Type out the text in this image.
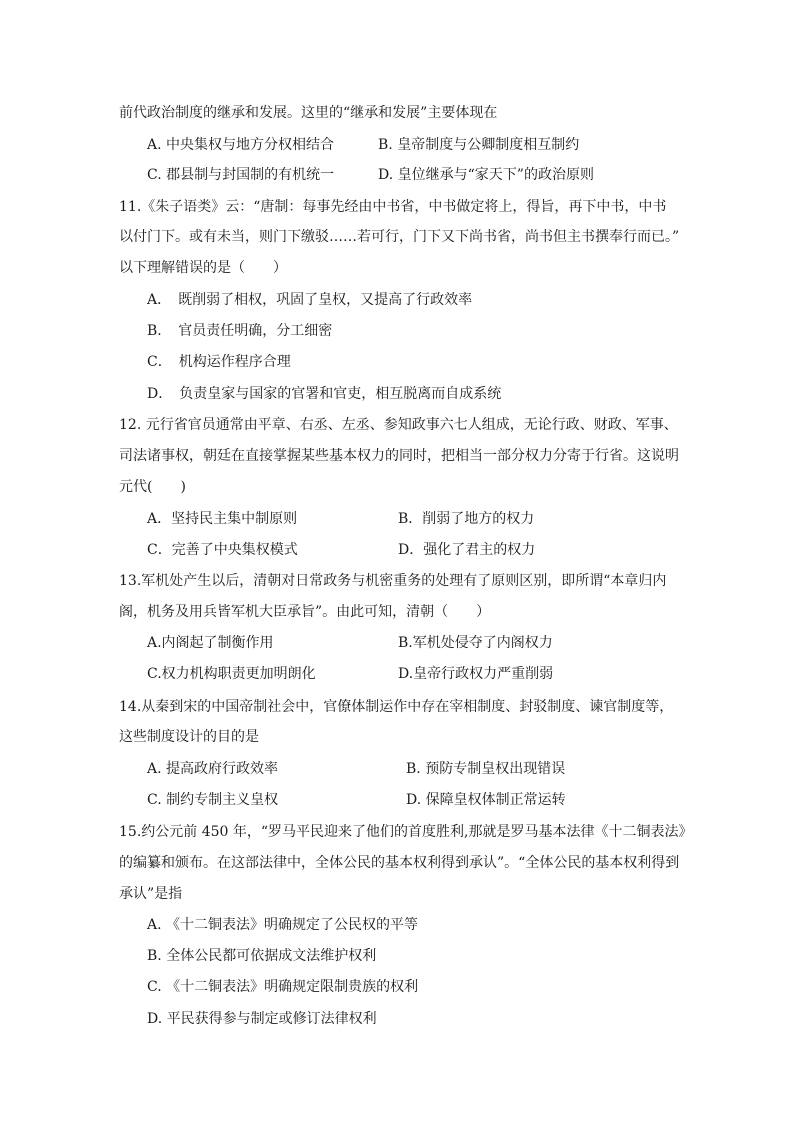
前代政治制度的继承和发展。这里的“继承和发展”主要体现在
A. 中央集权与地方分权相结合	B. 皇帝制度与公卿制度相互制约
C. 郡县制与封国制的有机统一	D. 皇位继承与“家天下”的政治原则
11.《朱子语类》云：“唐制：每事先经由中书省，中书做定将上，得旨，再下中书，中书
以付门下。或有未当，则门下缴驳……若可行，门下又下尚书省，尚书但主书撰奉行而已。”
以下理解错误的是（　　）
A．　既削弱了相权，巩固了皇权，又提高了行政效率
B．　官员责任明确，分工细密
C．　机构运作程序合理
D．　负责皇家与国家的官署和官吏，相互脱离而自成系统
12. 元行省官员通常由平章、右丞、左丞、参知政事六七人组成，无论行政、财政、军事、
司法诸事权，朝廷在直接掌握某些基本权力的同时，把相当一部分权力分寄于行省。这说明
元代(　　)
A．坚持民主集中制原则	B．削弱了地方的权力
C．完善了中央集权模式	D．强化了君主的权力
13.军机处产生以后，清朝对日常政务与机密重务的处理有了原则区别，即所谓“本章归内
阁，机务及用兵皆军机大臣承旨”。由此可知，清朝（　　）
A.内阁起了制衡作用	B.军机处侵夺了内阁权力
C.权力机构职责更加明朗化	D.皇帝行政权力严重削弱
14.从秦到宋的中国帝制社会中，官僚体制运作中存在宰相制度、封驳制度、谏官制度等，
这些制度设计的目的是
A. 提高政府行政效率	B. 预防专制皇权出现错误
C. 制约专制主义皇权	D. 保障皇权体制正常运转
15.约公元前 450 年，“罗马平民迎来了他们的首度胜利,那就是罗马基本法律《十二铜表法》
的编纂和颁布。在这部法律中，全体公民的基本权利得到承认”。“全体公民的基本权利得到
承认”是指
A. 《十二铜表法》明确规定了公民权的平等
B. 全体公民都可依据成文法维护权利
C. 《十二铜表法》明确规定限制贵族的权利
D. 平民获得参与制定或修订法律权利
